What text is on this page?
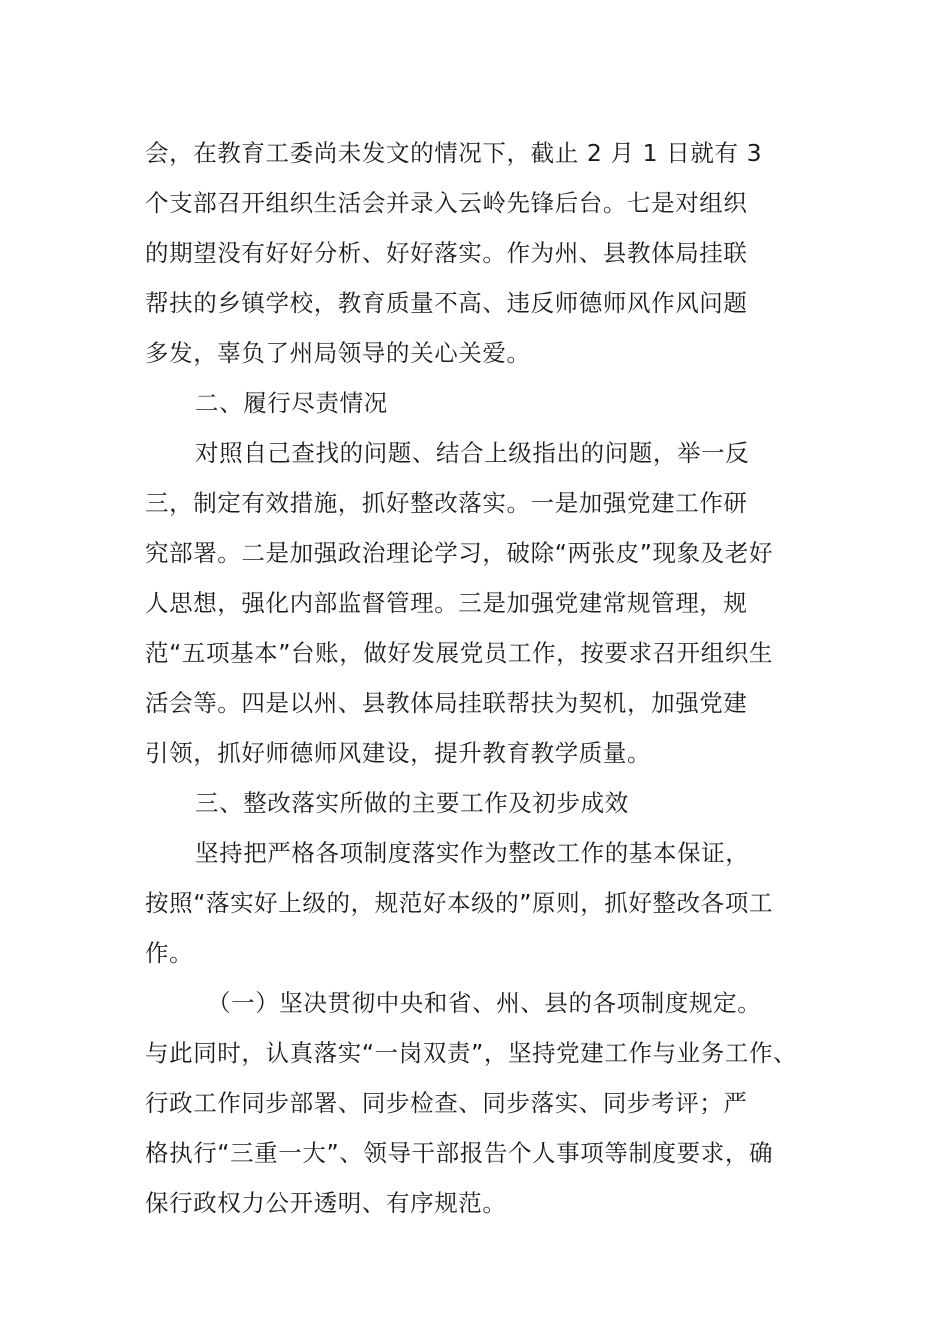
会，在教育工委尚未发文的情况下，截止 2 月 1 日就有 3
个支部召开组织生活会并录入云岭先锋后台。七是对组织
的期望没有好好分析、好好落实。作为州、县教体局挂联
帮扶的乡镇学校，教育质量不高、违反师德师风作风问题
多发，辜负了州局领导的关心关爱。
二、履行尽责情况
对照自己查找的问题、结合上级指出的问题，举一反
三，制定有效措施，抓好整改落实。一是加强党建工作研
究部署。二是加强政治理论学习，破除“两张皮”现象及老好
人思想，强化内部监督管理。三是加强党建常规管理，规
范“五项基本”台账，做好发展党员工作，按要求召开组织生
活会等。四是以州、县教体局挂联帮扶为契机，加强党建
引领，抓好师德师风建设，提升教育教学质量。
三、整改落实所做的主要工作及初步成效
坚持把严格各项制度落实作为整改工作的基本保证，
按照“落实好上级的，规范好本级的”原则，抓好整改各项工
作。
（一）坚决贯彻中央和省、州、县的各项制度规定。
与此同时，认真落实“一岗双责”，坚持党建工作与业务工作、
行政工作同步部署、同步检查、同步落实、同步考评；严
格执行“三重一大”、领导干部报告个人事项等制度要求，确
保行政权力公开透明、有序规范。
